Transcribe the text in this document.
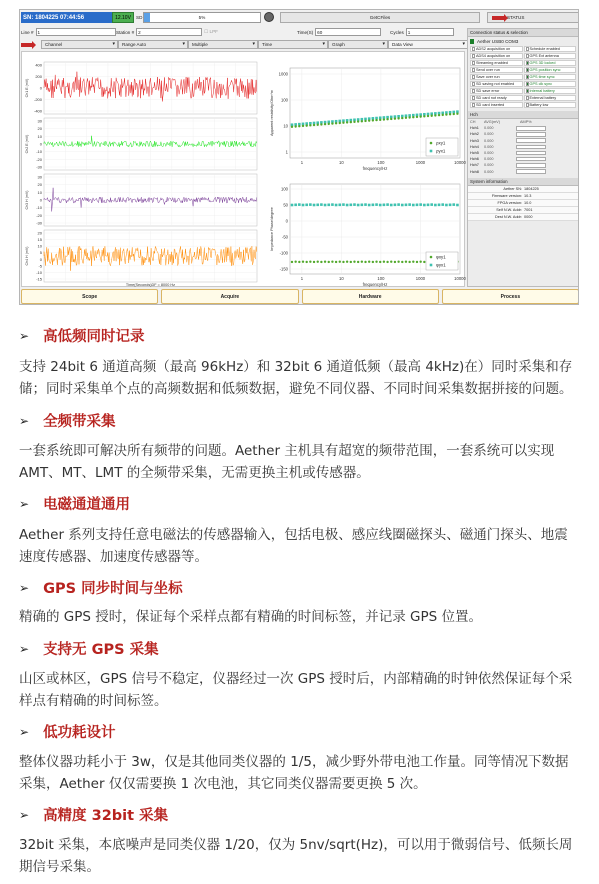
SN: 1804225 07:44:56	12.10V	SD	5%	GetCFiles	STATUS
Line # 1	Station # 2	☐ LPF	Time(S) 60	Cycles 1
Channel ▾	Range Auto ▾	Multiple ▾	Time ▾	Graph ▾	Data View ▾
400
200
0
-200
-400
Ch1 E (mV)
30
20
10
0
-10
-20
-30
Ch2 E (mV)
30
20
10
0
-10
-20
-30
Ch3 H (mV)
20
15
10
5
0
-5
-10
-15
Ch4 H (mV)
Time(Seconds)DF = 8000 Hz
1000
100
10
1
1	10	100	1000	10000
Apparent resistivity/Ohm*m
frequency/Hz
ρxy1
ρyx1
100
50
0
-50
-100
-150
1	10	100	1000	10000
Impedance Phase/degree
frequency/Hz
φxy1
φyx1
Connection status & selection
Aether USB0 COM3
ADS2 acquisition on	Schedule enabled
ADS4 acquisition on	GPS Ext antenna
Streaming enabled	GPS 3D locked
Send over run	GPS position sync
Save over run	GPS time sync
SD saving not enabled	GPS clk sync
SD save error	Internal battery
SD card not ready	External battery
SD card inserted	Battery low
Hch
CH	AVG(mV)	AMP%
Hch1	0.000
Hch2	0.000
Hch3	0.000
Hch4	0.000
Hch5	0.000
Hch6	0.000
Hch7	0.000
Hch8	0.000
System information
Aether SN: 1804225
Firmware version: 10.3
FPGA version: 10.0
Self N.W. Addr: 7001
Dest N.W. Addr: 0000
Scope	Acquire	Hardware	Process
➢ 高低频同时记录
支持 24bit 6 通道高频（最高 96kHz）和 32bit 6 通道低频（最高 4kHz)在）同时采集和存储；同时采集单个点的高频数据和低频数据，避免不同仪器、不同时间采集数据拼接的问题。
➢ 全频带采集
一套系统即可解决所有频带的问题。Aether 主机具有超宽的频带范围，一套系统可以实现 AMT、MT、LMT 的全频带采集，无需更换主机或传感器。
➢ 电磁通道通用
Aether 系列支持任意电磁法的传感器输入，包括电极、感应线圈磁探头、磁通门探头、地震速度传感器、加速度传感器等。
➢ GPS 同步时间与坐标
精确的 GPS 授时，保证每个采样点都有精确的时间标签，并记录 GPS 位置。
➢ 支持无 GPS 采集
山区或林区，GPS 信号不稳定，仪器经过一次 GPS 授时后，内部精确的时钟依然保证每个采样点有精确的时间标签。
➢ 低功耗设计
整体仪器功耗小于 3w，仅是其他同类仪器的 1/5，减少野外带电池工作量。同等情况下数据采集，Aether 仅仅需要换 1 次电池，其它同类仪器需要更换 5 次。
➢ 高精度 32bit 采集
32bit 采集，本底噪声是同类仪器 1/20，仅为 5nv/sqrt(Hz)，可以用于微弱信号、低频长周期信号采集。
